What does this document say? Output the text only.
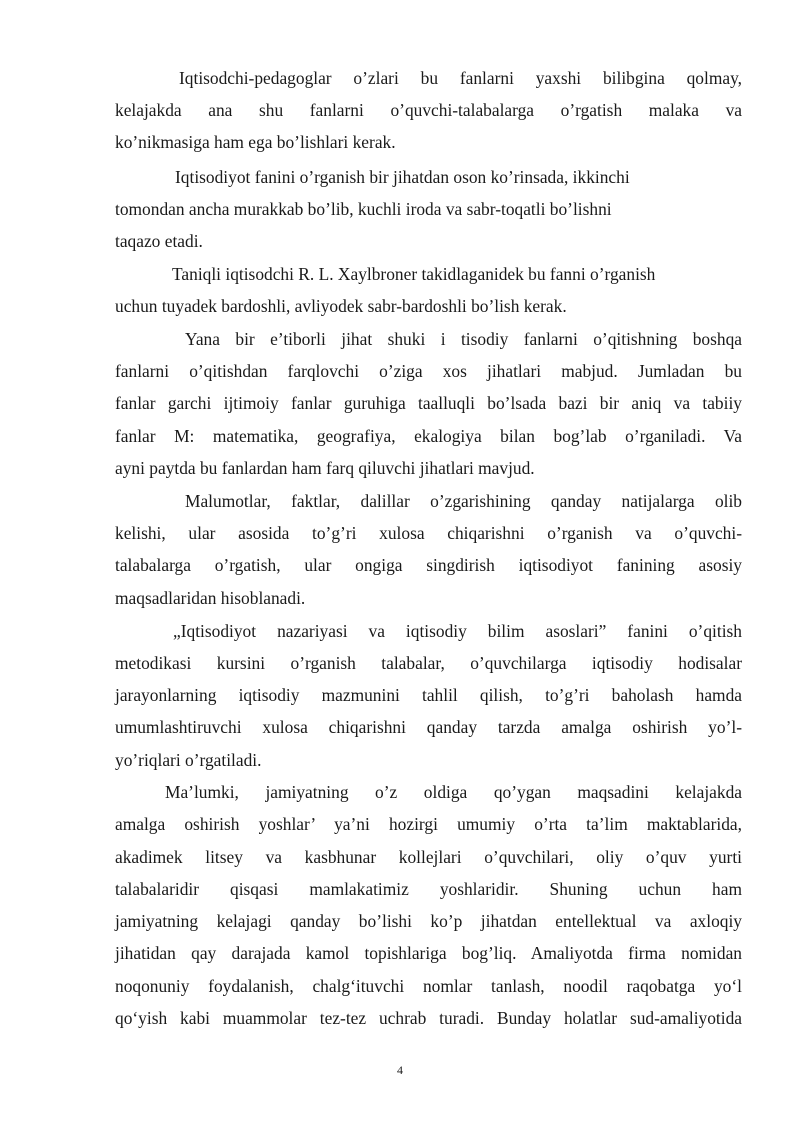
Iqtisodchi-pedagoglar o’zlari bu fanlarni yaxshi bilibgina qolmay,
kelajakda ana shu fanlarni o’quvchi-talabalarga o’rgatish malaka va
ko’nikmasiga ham ega bo’lishlari kerak.
Iqtisodiyot fanini o’rganish bir jihatdan oson ko’rinsada, ikkinchi
tomondan ancha murakkab bo’lib, kuchli iroda va sabr-toqatli bo’lishni
taqazo etadi.
Taniqli iqtisodchi R. L. Xaylbroner takidlaganidek bu fanni o’rganish
uchun tuyadek bardoshli, avliyodek sabr-bardoshli bo’lish kerak.
Yana bir e’tiborli jihat shuki i tisodiy fanlarni o’qitishning boshqa
fanlarni o’qitishdan farqlovchi o’ziga xos jihatlari mabjud. Jumladan bu
fanlar garchi ijtimoiy fanlar guruhiga taalluqli bo’lsada bazi bir aniq va tabiiy
fanlar M: matematika, geografiya, ekalogiya bilan bog’lab o’rganiladi. Va
ayni paytda bu fanlardan ham farq qiluvchi jihatlari mavjud.
Malumotlar, faktlar, dalillar o’zgarishining qanday natijalarga olib
kelishi, ular asosida to’g’ri xulosa chiqarishni o’rganish va o’quvchi-
talabalarga o’rgatish, ular ongiga singdirish iqtisodiyot fanining asosiy
maqsadlaridan hisoblanadi.
„Iqtisodiyot nazariyasi va iqtisodiy bilim asoslari” fanini o’qitish
metodikasi kursini o’rganish talabalar, o’quvchilarga iqtisodiy hodisalar
jarayonlarning iqtisodiy mazmunini tahlil qilish, to’g’ri baholash hamda
umumlashtiruvchi xulosa chiqarishni qanday tarzda amalga oshirish yo’l-
yo’riqlari o’rgatiladi.
Ma’lumki, jamiyatning o’z oldiga qo’ygan maqsadini kelajakda
amalga oshirish yoshlar’ ya’ni hozirgi umumiy o’rta ta’lim maktablarida,
akadimek litsey va kasbhunar kollejlari o’quvchilari, oliy o’quv yurti
talabalaridir qisqasi mamlakatimiz yoshlaridir. Shuning uchun ham
jamiyatning kelajagi qanday bo’lishi ko’p jihatdan entellektual va axloqiy
jihatidan qay darajada kamol topishlariga bog’liq. Amaliyotda firma nomidan
noqonuniy foydalanish, chalg‘ituvchi nomlar tanlash, noodil raqobatga yo‘l
qo‘yish kabi muammolar tez-tez uchrab turadi. Bunday holatlar sud-amaliyotida
4
